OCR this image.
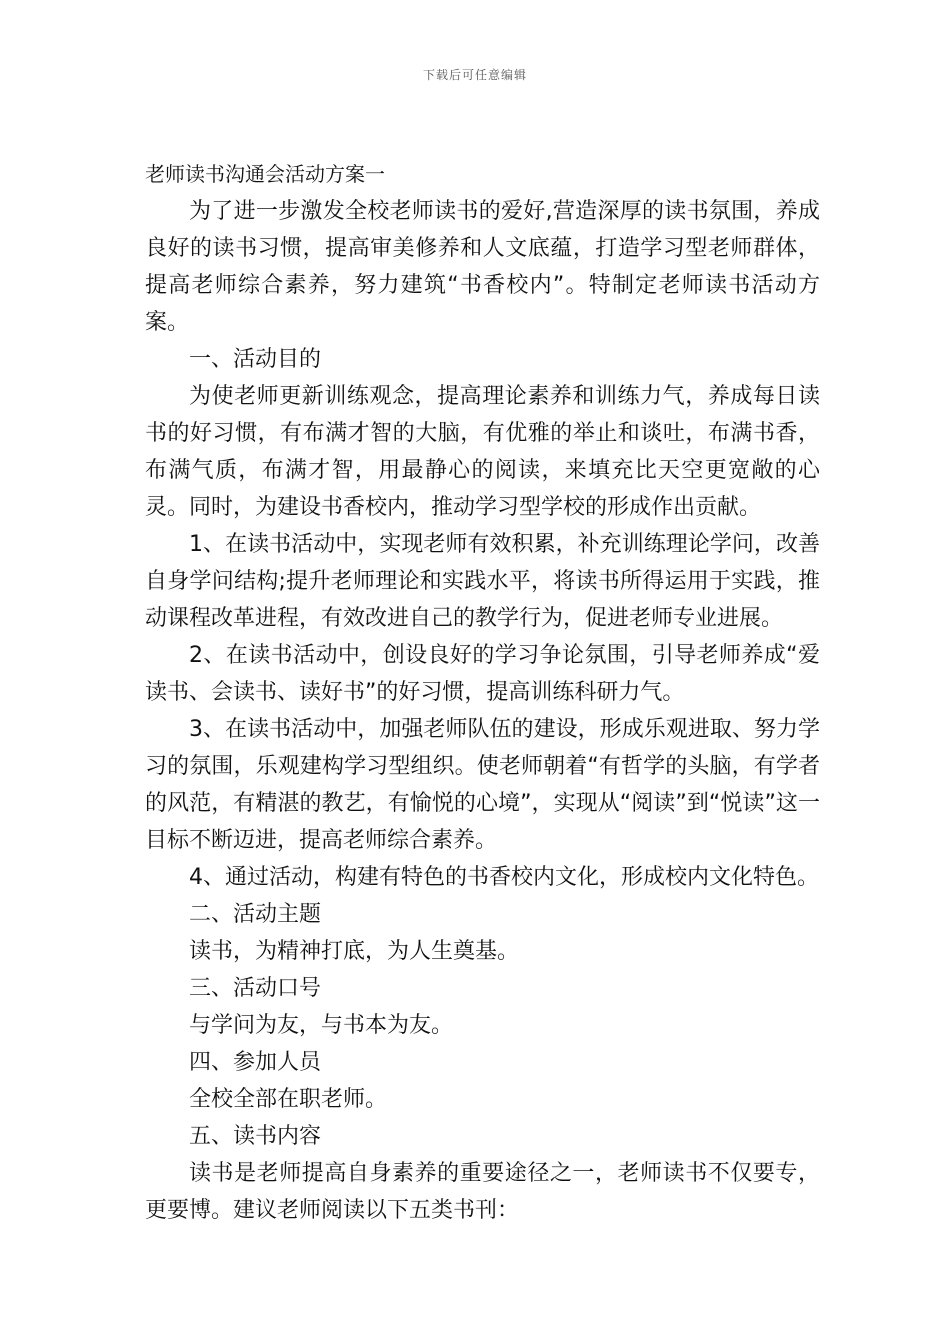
下载后可任意编辑
老师读书沟通会活动方案一

为了进一步激发全校老师读书的爱好,营造深厚的读书氛围，养成良好的读书习惯，提高审美修养和人文底蕴，打造学习型老师群体，提高老师综合素养，努力建筑“书香校内”。特制定老师读书活动方案。

一、活动目的

为使老师更新训练观念，提高理论素养和训练力气，养成每日读书的好习惯，有布满才智的大脑，有优雅的举止和谈吐，布满书香，布满气质，布满才智，用最静心的阅读，来填充比天空更宽敞的心灵。同时，为建设书香校内，推动学习型学校的形成作出贡献。

1、在读书活动中，实现老师有效积累，补充训练理论学问，改善自身学问结构;提升老师理论和实践水平，将读书所得运用于实践，推动课程改革进程，有效改进自己的教学行为，促进老师专业进展。

2、在读书活动中，创设良好的学习争论氛围，引导老师养成“爱读书、会读书、读好书”的好习惯，提高训练科研力气。

3、在读书活动中，加强老师队伍的建设，形成乐观进取、努力学习的氛围，乐观建构学习型组织。使老师朝着“有哲学的头脑，有学者的风范，有精湛的教艺，有愉悦的心境”，实现从“阅读”到“悦读”这一目标不断迈进，提高老师综合素养。

4、通过活动，构建有特色的书香校内文化，形成校内文化特色。

二、活动主题

读书，为精神打底，为人生奠基。

三、活动口号

与学问为友，与书本为友。

四、参加人员

全校全部在职老师。

五、读书内容

读书是老师提高自身素养的重要途径之一，老师读书不仅要专，更要博。建议老师阅读以下五类书刊：
